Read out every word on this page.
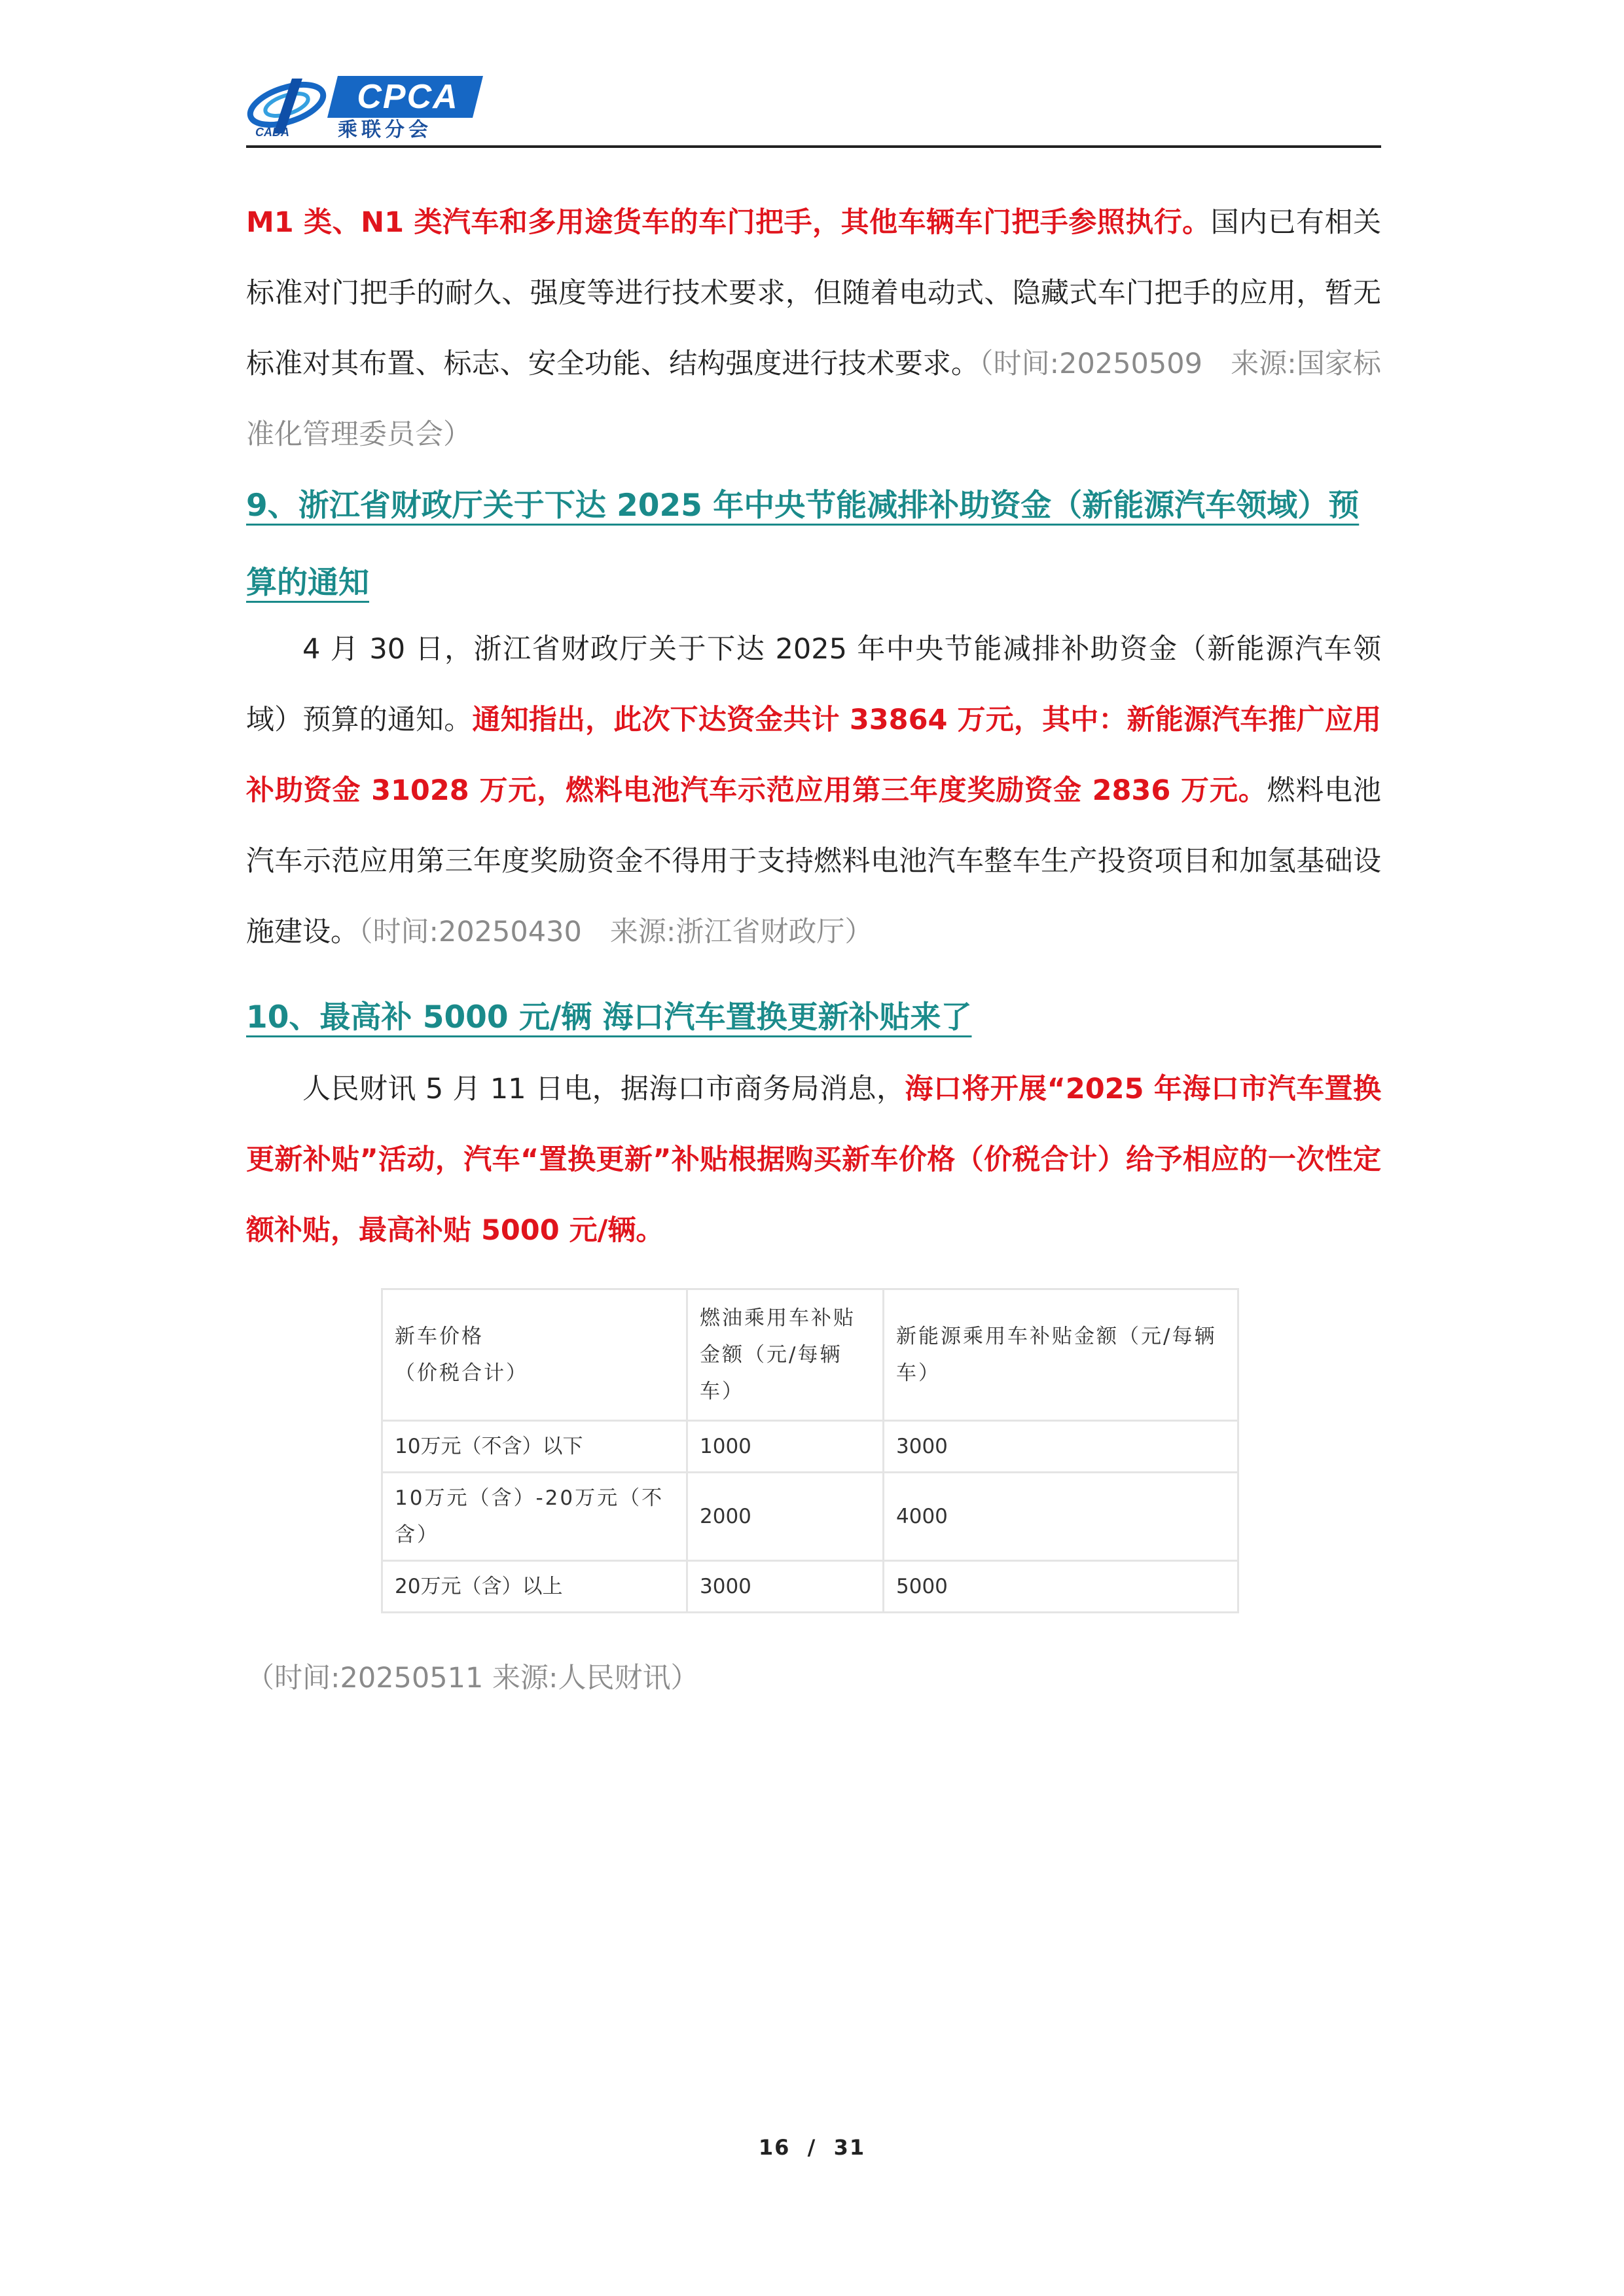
CPCA
乘联分会
CADA

M1 类、N1 类汽车和多用途货车的车门把手，其他车辆车门把手参照执行。国内已有相关标准对门把手的耐久、强度等进行技术要求，但随着电动式、隐藏式车门把手的应用，暂无标准对其布置、标志、安全功能、结构强度进行技术要求。（时间:20250509　来源:国家标准化管理委员会）

9、浙江省财政厅关于下达 2025 年中央节能减排补助资金（新能源汽车领域）预算的通知

4 月 30 日，浙江省财政厅关于下达 2025 年中央节能减排补助资金（新能源汽车领域）预算的通知。通知指出，此次下达资金共计 33864 万元，其中：新能源汽车推广应用补助资金 31028 万元，燃料电池汽车示范应用第三年度奖励资金 2836 万元。燃料电池汽车示范应用第三年度奖励资金不得用于支持燃料电池汽车整车生产投资项目和加氢基础设施建设。（时间:20250430　来源:浙江省财政厅）

10、最高补 5000 元/辆 海口汽车置换更新补贴来了

人民财讯 5 月 11 日电，据海口市商务局消息，海口将开展“2025 年海口市汽车置换更新补贴”活动，汽车“置换更新”补贴根据购买新车价格（价税合计）给予相应的一次性定额补贴，最高补贴 5000 元/辆。

新车价格
（价税合计）	燃油乘用车补贴金额（元/每辆车）	新能源乘用车补贴金额（元/每辆车）
10万元（不含）以下	1000	3000
10万元（含）-20万元（不含）	2000	4000
20万元（含）以上	3000	5000

（时间:20250511 来源:人民财讯）

16  /  31
